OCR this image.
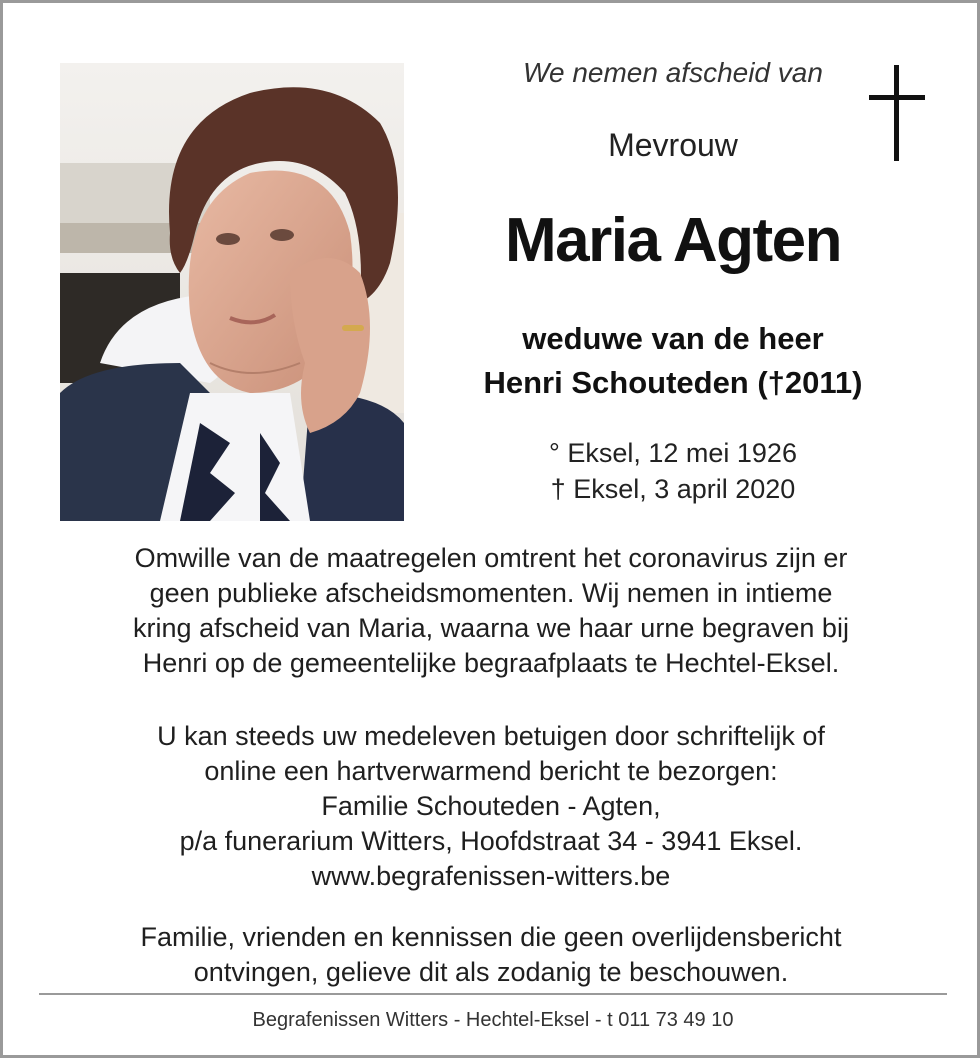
We nemen afscheid van
Mevrouw
Maria Agten
weduwe van de heer
Henri Schouteden (†2011)
° Eksel, 12 mei 1926
† Eksel, 3 april 2020
Omwille van de maatregelen omtrent het coronavirus zijn er
geen publieke afscheidsmomenten. Wij nemen in intieme
kring afscheid van Maria, waarna we haar urne begraven bij
Henri op de gemeentelijke begraafplaats te Hechtel-Eksel.
U kan steeds uw medeleven betuigen door schriftelijk of
online een hartverwarmend bericht te bezorgen:
Familie Schouteden - Agten,
p/a funerarium Witters, Hoofdstraat 34 - 3941 Eksel.
www.begrafenissen-witters.be
Familie, vrienden en kennissen die geen overlijdensbericht
ontvingen, gelieve dit als zodanig te beschouwen.
Begrafenissen Witters - Hechtel-Eksel - t 011 73 49 10
